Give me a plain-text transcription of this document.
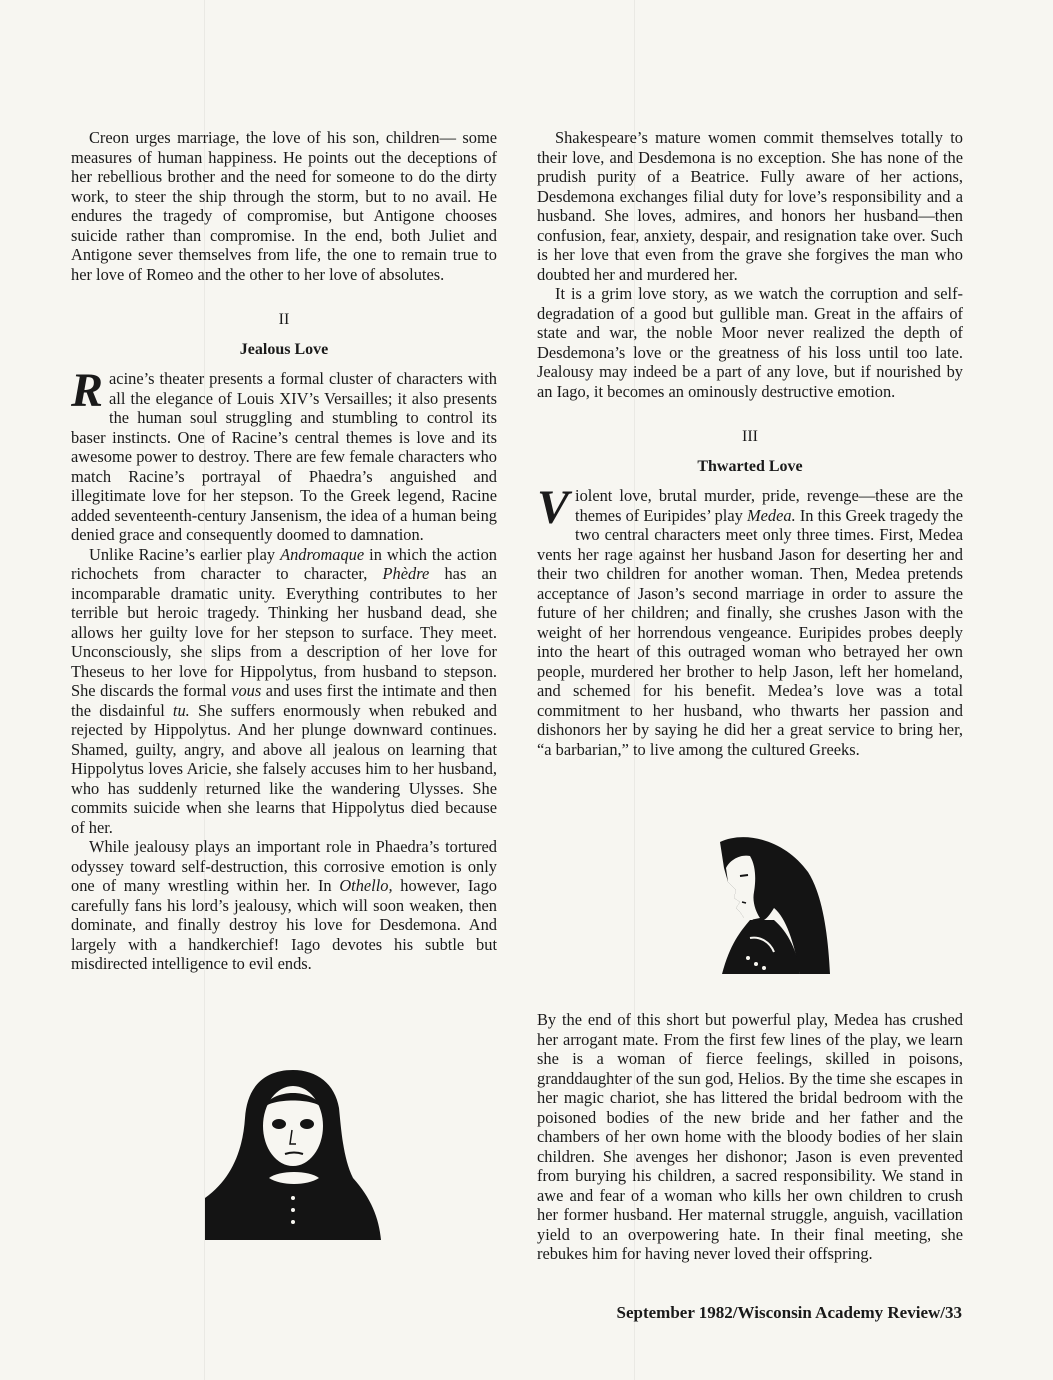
Creon urges marriage, the love of his son, children— some measures of human happiness. He points out the deceptions of her rebellious brother and the need for someone to do the dirty work, to steer the ship through the storm, but to no avail. He endures the tragedy of compromise, but Antigone chooses suicide rather than compromise. In the end, both Juliet and Antigone sever themselves from life, the one to remain true to her love of Romeo and the other to her love of absolutes.

II
Jealous Love

Racine’s theater presents a formal cluster of characters with all the elegance of Louis XIV’s Versailles; it also presents the human soul struggling and stumbling to control its baser instincts. One of Racine’s central themes is love and its awesome power to destroy. There are few female characters who match Racine’s portrayal of Phaedra’s anguished and illegitimate love for her stepson. To the Greek legend, Racine added seventeenth-century Jansenism, the idea of a human being denied grace and consequently doomed to damnation.

Unlike Racine’s earlier play Andromaque in which the action richochets from character to character, Phèdre has an incomparable dramatic unity. Everything contributes to her terrible but heroic tragedy. Thinking her husband dead, she allows her guilty love for her stepson to surface. They meet. Unconsciously, she slips from a description of her love for Theseus to her love for Hippolytus, from husband to stepson. She discards the formal vous and uses first the intimate and then the disdainful tu. She suffers enormously when rebuked and rejected by Hippolytus. And her plunge downward continues. Shamed, guilty, angry, and above all jealous on learning that Hippolytus loves Aricie, she falsely accuses him to her husband, who has suddenly returned like the wandering Ulysses. She commits suicide when she learns that Hippolytus died because of her.

While jealousy plays an important role in Phaedra’s tortured odyssey toward self-destruction, this corrosive emotion is only one of many wrestling within her. In Othello, however, Iago carefully fans his lord’s jealousy, which will soon weaken, then dominate, and finally destroy his love for Desdemona. And largely with a handkerchief! Iago devotes his subtle but misdirected intelligence to evil ends.

Shakespeare’s mature women commit themselves totally to their love, and Desdemona is no exception. She has none of the prudish purity of a Beatrice. Fully aware of her actions, Desdemona exchanges filial duty for love’s responsibility and a husband. She loves, admires, and honors her husband—then confusion, fear, anxiety, despair, and resignation take over. Such is her love that even from the grave she forgives the man who doubted her and murdered her.

It is a grim love story, as we watch the corruption and self-degradation of a good but gullible man. Great in the affairs of state and war, the noble Moor never realized the depth of Desdemona’s love or the greatness of his loss until too late. Jealousy may indeed be a part of any love, but if nourished by an Iago, it becomes an ominously destructive emotion.

III
Thwarted Love

Violent love, brutal murder, pride, revenge—these are the themes of Euripides’ play Medea. In this Greek tragedy the two central characters meet only three times. First, Medea vents her rage against her husband Jason for deserting her and their two children for another woman. Then, Medea pretends acceptance of Jason’s second marriage in order to assure the future of her children; and finally, she crushes Jason with the weight of her horrendous vengeance. Euripides probes deeply into the heart of this outraged woman who betrayed her own people, murdered her brother to help Jason, left her homeland, and schemed for his benefit. Medea’s love was a total commitment to her husband, who thwarts her passion and dishonors her by saying he did her a great service to bring her, “a barbarian,” to live among the cultured Greeks.

By the end of this short but powerful play, Medea has crushed her arrogant mate. From the first few lines of the play, we learn she is a woman of fierce feelings, skilled in poisons, granddaughter of the sun god, Helios. By the time she escapes in her magic chariot, she has littered the bridal bedroom with the poisoned bodies of the new bride and her father and the chambers of her own home with the bloody bodies of her slain children. She avenges her dishonor; Jason is even prevented from burying his children, a sacred responsibility. We stand in awe and fear of a woman who kills her own children to crush her former husband. Her maternal struggle, anguish, vacillation yield to an overpowering hate. In their final meeting, she rebukes him for having never loved their offspring.

September 1982/Wisconsin Academy Review/33
